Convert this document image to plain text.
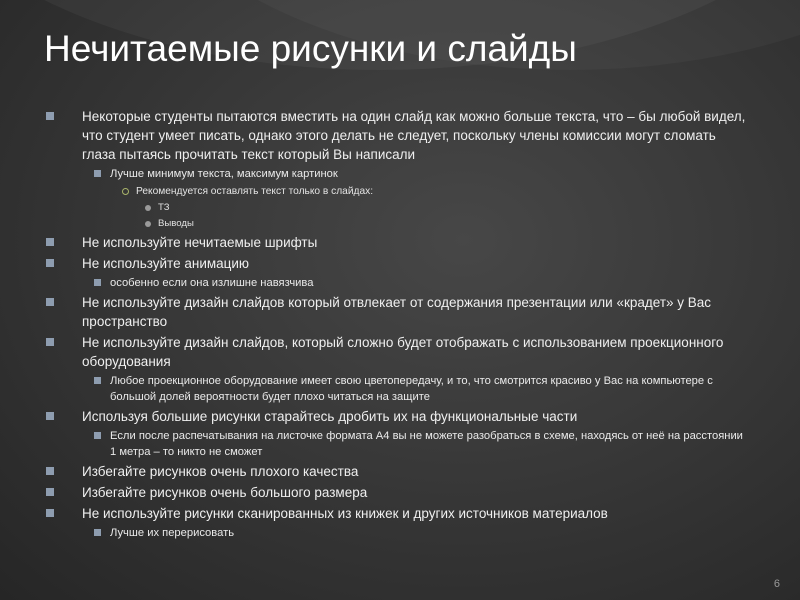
Нечитаемые рисунки и слайды
Некоторые студенты пытаются вместить на один слайд как можно больше текста, что – бы любой видел, что студент умеет писать, однако этого делать не следует, поскольку члены комиссии могут сломать глаза пытаясь прочитать текст который Вы написали
Лучше минимум текста, максимум картинок
Рекомендуется оставлять текст только в слайдах:
ТЗ
Выводы
Не используйте нечитаемые шрифты
Не используйте анимацию
особенно если она излишне навязчива
Не используйте дизайн слайдов который отвлекает от содержания презентации или «крадет» у Вас пространство
Не используйте дизайн слайдов, который сложно будет отображать с использованием проекционного оборудования
Любое проекционное оборудование имеет свою цветопередачу, и то, что смотрится красиво у Вас на компьютере с большой долей вероятности будет плохо читаться на защите
Используя большие рисунки старайтесь дробить их на функциональные части
Если после распечатывания на листочке формата А4 вы не можете разобраться в схеме, находясь от неё на расстоянии 1 метра – то никто не сможет
Избегайте рисунков очень плохого качества
Избегайте рисунков очень большого размера
Не используйте рисунки сканированных из книжек и других источников материалов
Лучше их перерисовать
6
